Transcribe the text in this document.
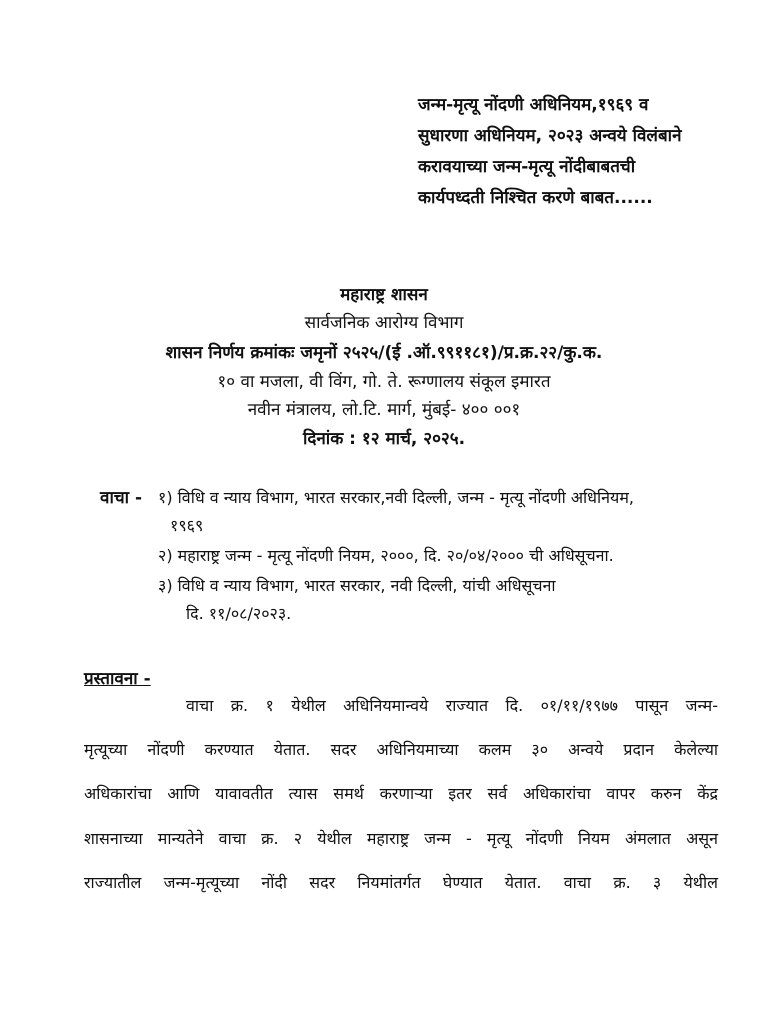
जन्म-मृत्यू नोंदणी अधिनियम,१९६९ व
सुधारणा अधिनियम, २०२३ अन्वये विलंबाने
करावयाच्या जन्म-मृत्यू नोंदीबाबतची
कार्यपध्दती निश्चित करणे बाबत......
महाराष्ट्र शासन
सार्वजनिक आरोग्य विभाग
शासन निर्णय क्रमांकः जमृनों २५२५/(ई .ऑ.९९११८१)/प्र.क्र.२२/कु.क.
१० वा मजला, वी विंग, गो. ते. रूग्णालय संकूल इमारत
नवीन मंत्रालय, लो.टि. मार्ग, मुंबई- ४०० ००१
दिनांक : १२ मार्च, २०२५.
वाचा - १) विधि व न्याय विभाग, भारत सरकार,नवी दिल्ली, जन्म - मृत्यू नोंदणी अधिनियम,
१९६९
२) महाराष्ट्र जन्म - मृत्यू नोंदणी नियम, २०००, दि. २०/०४/२००० ची अधिसूचना.
३) विधि व न्याय विभाग, भारत सरकार, नवी दिल्ली, यांची अधिसूचना
दि. ११/०८/२०२३.
प्रस्तावना -
वाचा क्र. १ येथील अधिनियमान्वये राज्यात दि. ०१/११/१९७७ पासून जन्म-
मृत्यूच्या नोंदणी करण्यात येतात. सदर अधिनियमाच्या कलम ३० अन्वये प्रदान केलेल्या
अधिकारांचा आणि यावावतीत त्यास समर्थ करणाऱ्या इतर सर्व अधिकारांचा वापर करुन केंद्र
शासनाच्या मान्यतेने वाचा क्र. २ येथील महाराष्ट्र जन्म - मृत्यू नोंदणी नियम अंमलात असून
राज्यातील जन्म-मृत्यूच्या नोंदी सदर नियमांतर्गत घेण्यात येतात. वाचा क्र. ३ येथील
